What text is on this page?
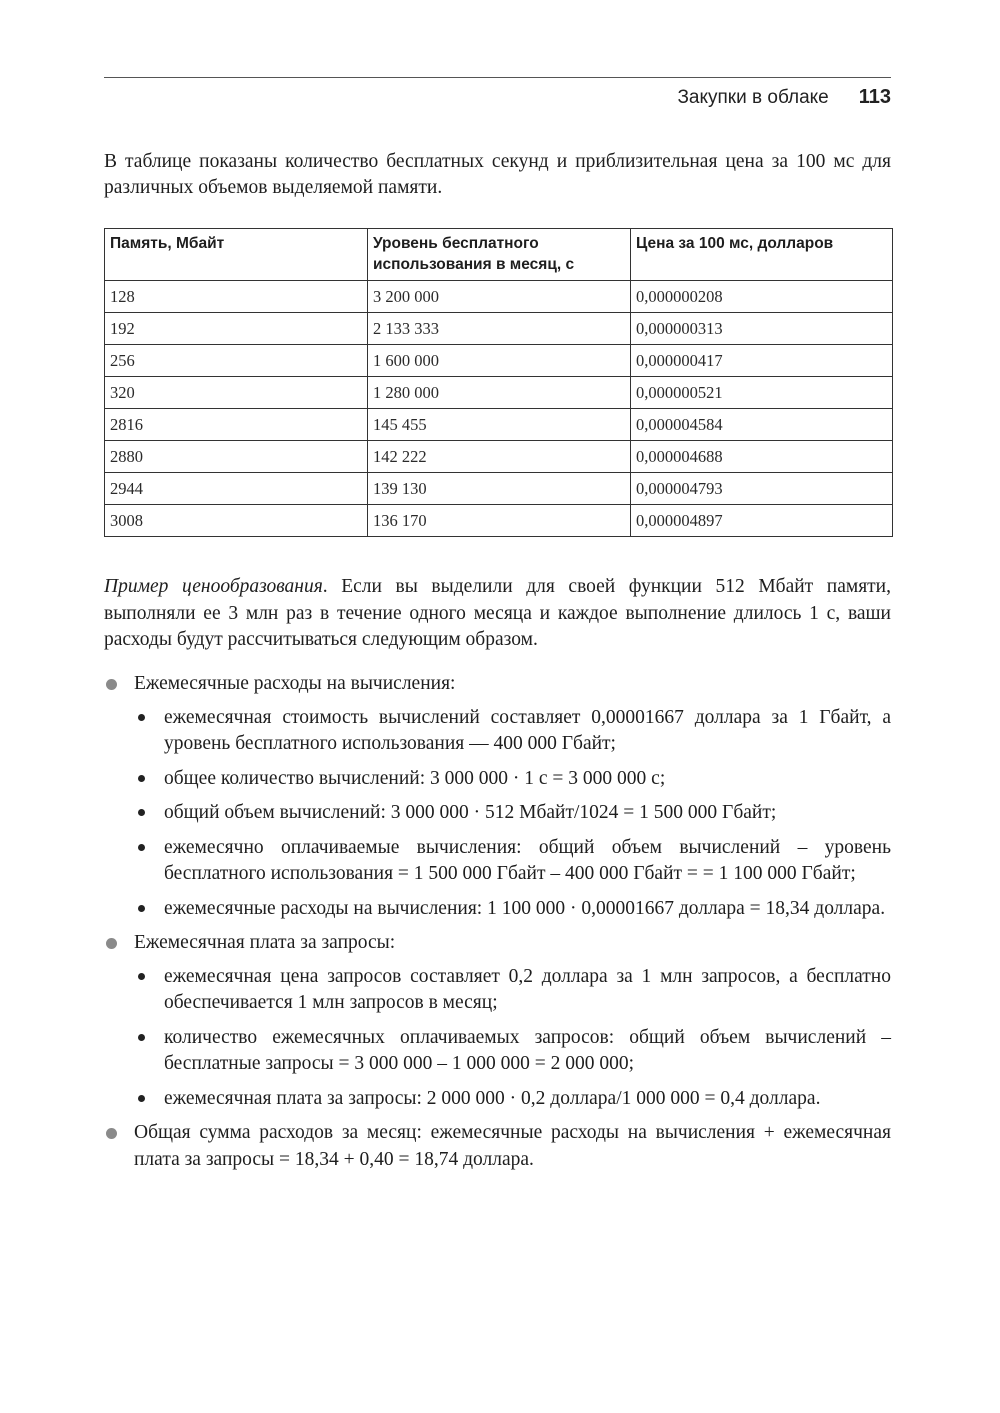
Закупки в облаке 113

В таблице показаны количество бесплатных секунд и приблизительная цена за 100 мс для различных объемов выделяемой памяти.

Память, Мбайт	Уровень бесплатного использования в месяц, с	Цена за 100 мс, долларов
128	3 200 000	0,000000208
192	2 133 333	0,000000313
256	1 600 000	0,000000417
320	1 280 000	0,000000521
2816	145 455	0,000004584
2880	142 222	0,000004688
2944	139 130	0,000004793
3008	136 170	0,000004897

Пример ценообразования. Если вы выделили для своей функции 512 Мбайт памяти, выполняли ее 3 млн раз в течение одного месяца и каждое выполнение длилось 1 с, ваши расходы будут рассчитываться следующим образом.

Ежемесячные расходы на вычисления:
ежемесячная стоимость вычислений составляет 0,00001667 доллара за 1 Гбайт, а уровень бесплатного использования — 400 000 Гбайт;
общее количество вычислений: 3 000 000 · 1 с = 3 000 000 с;
общий объем вычислений: 3 000 000 · 512 Мбайт/1024 = 1 500 000 Гбайт;
ежемесячно оплачиваемые вычисления: общий объем вычислений – уровень бесплатного использования = 1 500 000 Гбайт – 400 000 Гбайт = = 1 100 000 Гбайт;
ежемесячные расходы на вычисления: 1 100 000 · 0,00001667 доллара = 18,34 доллара.
Ежемесячная плата за запросы:
ежемесячная цена запросов составляет 0,2 доллара за 1 млн запросов, а бесплатно обеспечивается 1 млн запросов в месяц;
количество ежемесячных оплачиваемых запросов: общий объем вычислений – бесплатные запросы = 3 000 000 – 1 000 000 = 2 000 000;
ежемесячная плата за запросы: 2 000 000 · 0,2 доллара/1 000 000 = 0,4 доллара.
Общая сумма расходов за месяц: ежемесячные расходы на вычисления + ежемесячная плата за запросы = 18,34 + 0,40 = 18,74 доллара.
